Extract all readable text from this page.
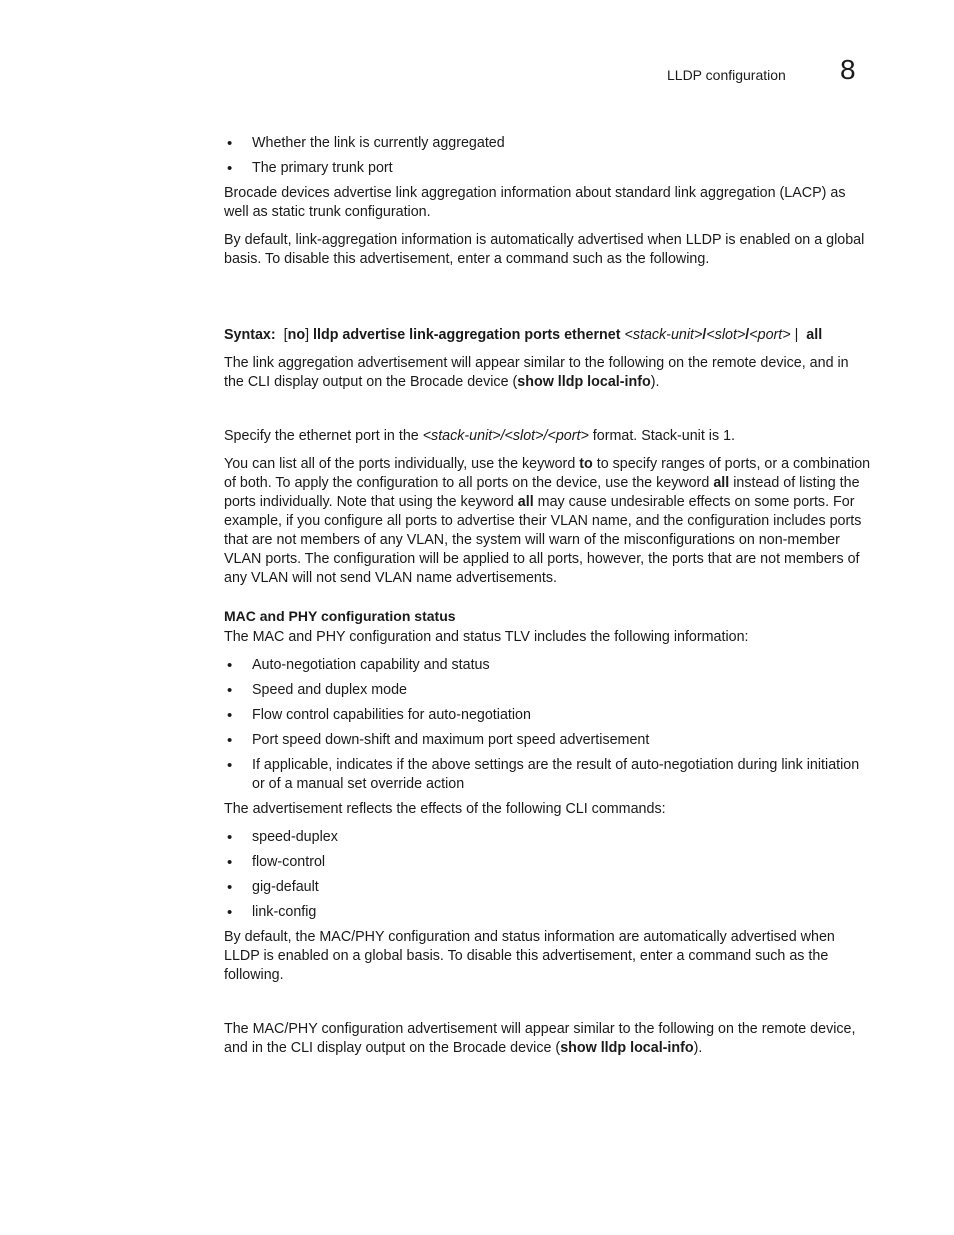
LLDP configuration 8
• Whether the link is currently aggregated
• The primary trunk port

Brocade devices advertise link aggregation information about standard link aggregation (LACP) as well as static trunk configuration.

By default, link-aggregation information is automatically advertised when LLDP is enabled on a global basis. To disable this advertisement, enter a command such as the following.

Syntax: [no] lldp advertise link-aggregation ports ethernet <stack-unit>/<slot>/<port> | all

The link aggregation advertisement will appear similar to the following on the remote device, and in the CLI display output on the Brocade device (show lldp local-info).

Specify the ethernet port in the <stack-unit>/<slot>/<port> format. Stack-unit is 1.

You can list all of the ports individually, use the keyword to to specify ranges of ports, or a combination of both. To apply the configuration to all ports on the device, use the keyword all instead of listing the ports individually. Note that using the keyword all may cause undesirable effects on some ports. For example, if you configure all ports to advertise their VLAN name, and the configuration includes ports that are not members of any VLAN, the system will warn of the misconfigurations on non-member VLAN ports. The configuration will be applied to all ports, however, the ports that are not members of any VLAN will not send VLAN name advertisements.

MAC and PHY configuration status

The MAC and PHY configuration and status TLV includes the following information:

• Auto-negotiation capability and status
• Speed and duplex mode
• Flow control capabilities for auto-negotiation
• Port speed down-shift and maximum port speed advertisement
• If applicable, indicates if the above settings are the result of auto-negotiation during link initiation or of a manual set override action

The advertisement reflects the effects of the following CLI commands:

• speed-duplex
• flow-control
• gig-default
• link-config

By default, the MAC/PHY configuration and status information are automatically advertised when LLDP is enabled on a global basis. To disable this advertisement, enter a command such as the following.

The MAC/PHY configuration advertisement will appear similar to the following on the remote device, and in the CLI display output on the Brocade device (show lldp local-info).
